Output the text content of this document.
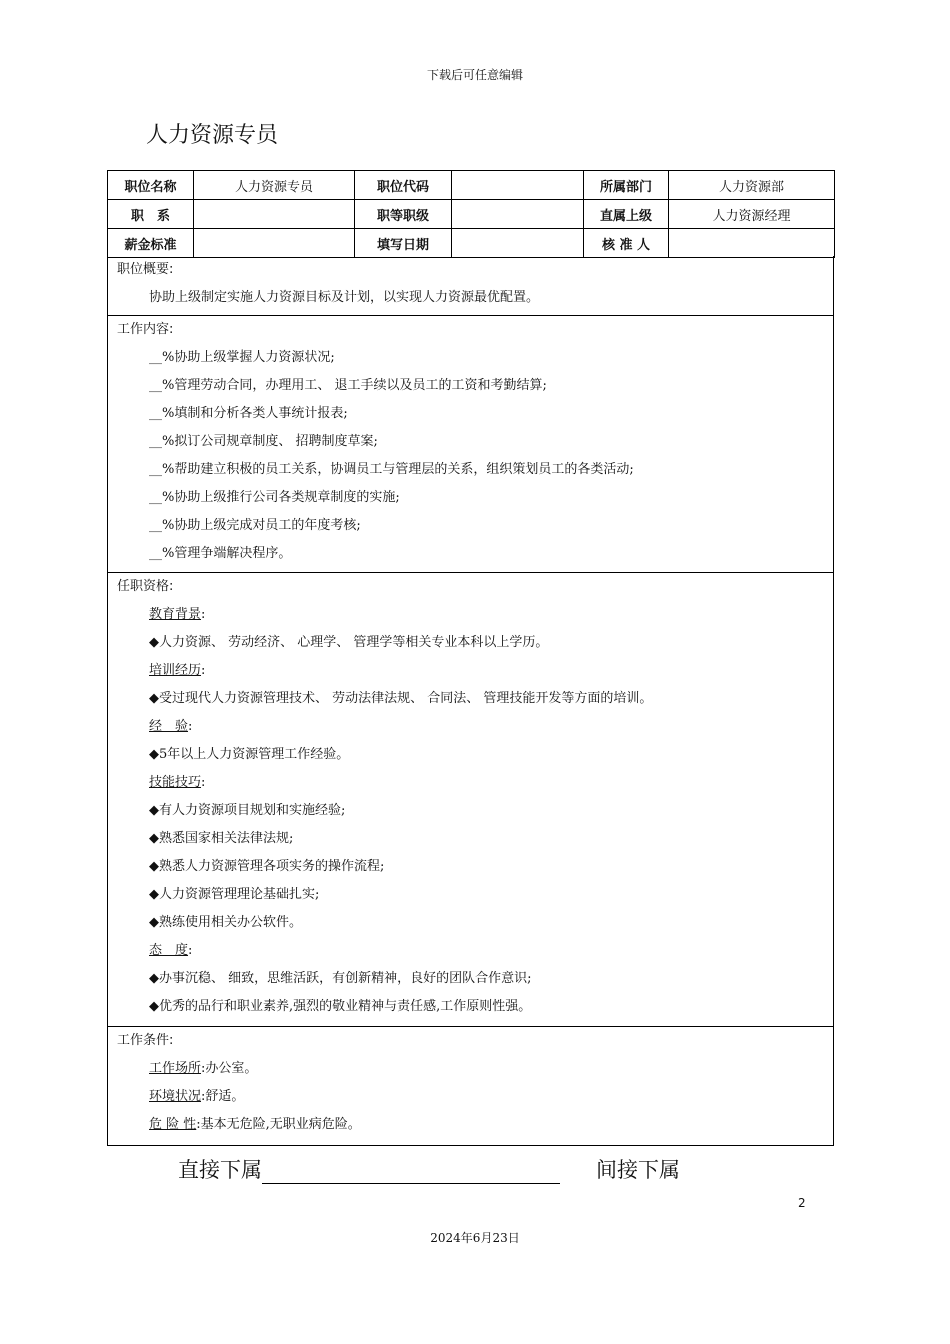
下载后可任意编辑
人力资源专员
职位名称	人力资源专员	职位代码		所属部门	人力资源部
职　系		职等职级		直属上级	人力资源经理
薪金标准		填写日期		核 准 人	
职位概要:
协助上级制定实施人力资源目标及计划，以实现人力资源最优配置。
工作内容:
__%协助上级掌握人力资源状况;
__%管理劳动合同，办理用工、 退工手续以及员工的工资和考勤结算;
__%填制和分析各类人事统计报表;
__%拟订公司规章制度、 招聘制度草案;
__%帮助建立积极的员工关系，协调员工与管理层的关系，组织策划员工的各类活动;
__%协助上级推行公司各类规章制度的实施;
__%协助上级完成对员工的年度考核;
__%管理争端解决程序。
任职资格:
教育背景:
◆人力资源、 劳动经济、 心理学、 管理学等相关专业本科以上学历。
培训经历:
◆受过现代人力资源管理技术、 劳动法律法规、 合同法、 管理技能开发等方面的培训。
经　验:
◆5年以上人力资源管理工作经验。
技能技巧:
◆有人力资源项目规划和实施经验;
◆熟悉国家相关法律法规;
◆熟悉人力资源管理各项实务的操作流程;
◆人力资源管理理论基础扎实;
◆熟练使用相关办公软件。
态　度:
◆办事沉稳、 细致，思维活跃，有创新精神，良好的团队合作意识;
◆优秀的品行和职业素养,强烈的敬业精神与责任感,工作原则性强。
工作条件:
工作场所:办公室。
环境状况:舒适。
危 险 性:基本无危险,无职业病危险。
直接下属	间接下属
2
2024年6月23日
